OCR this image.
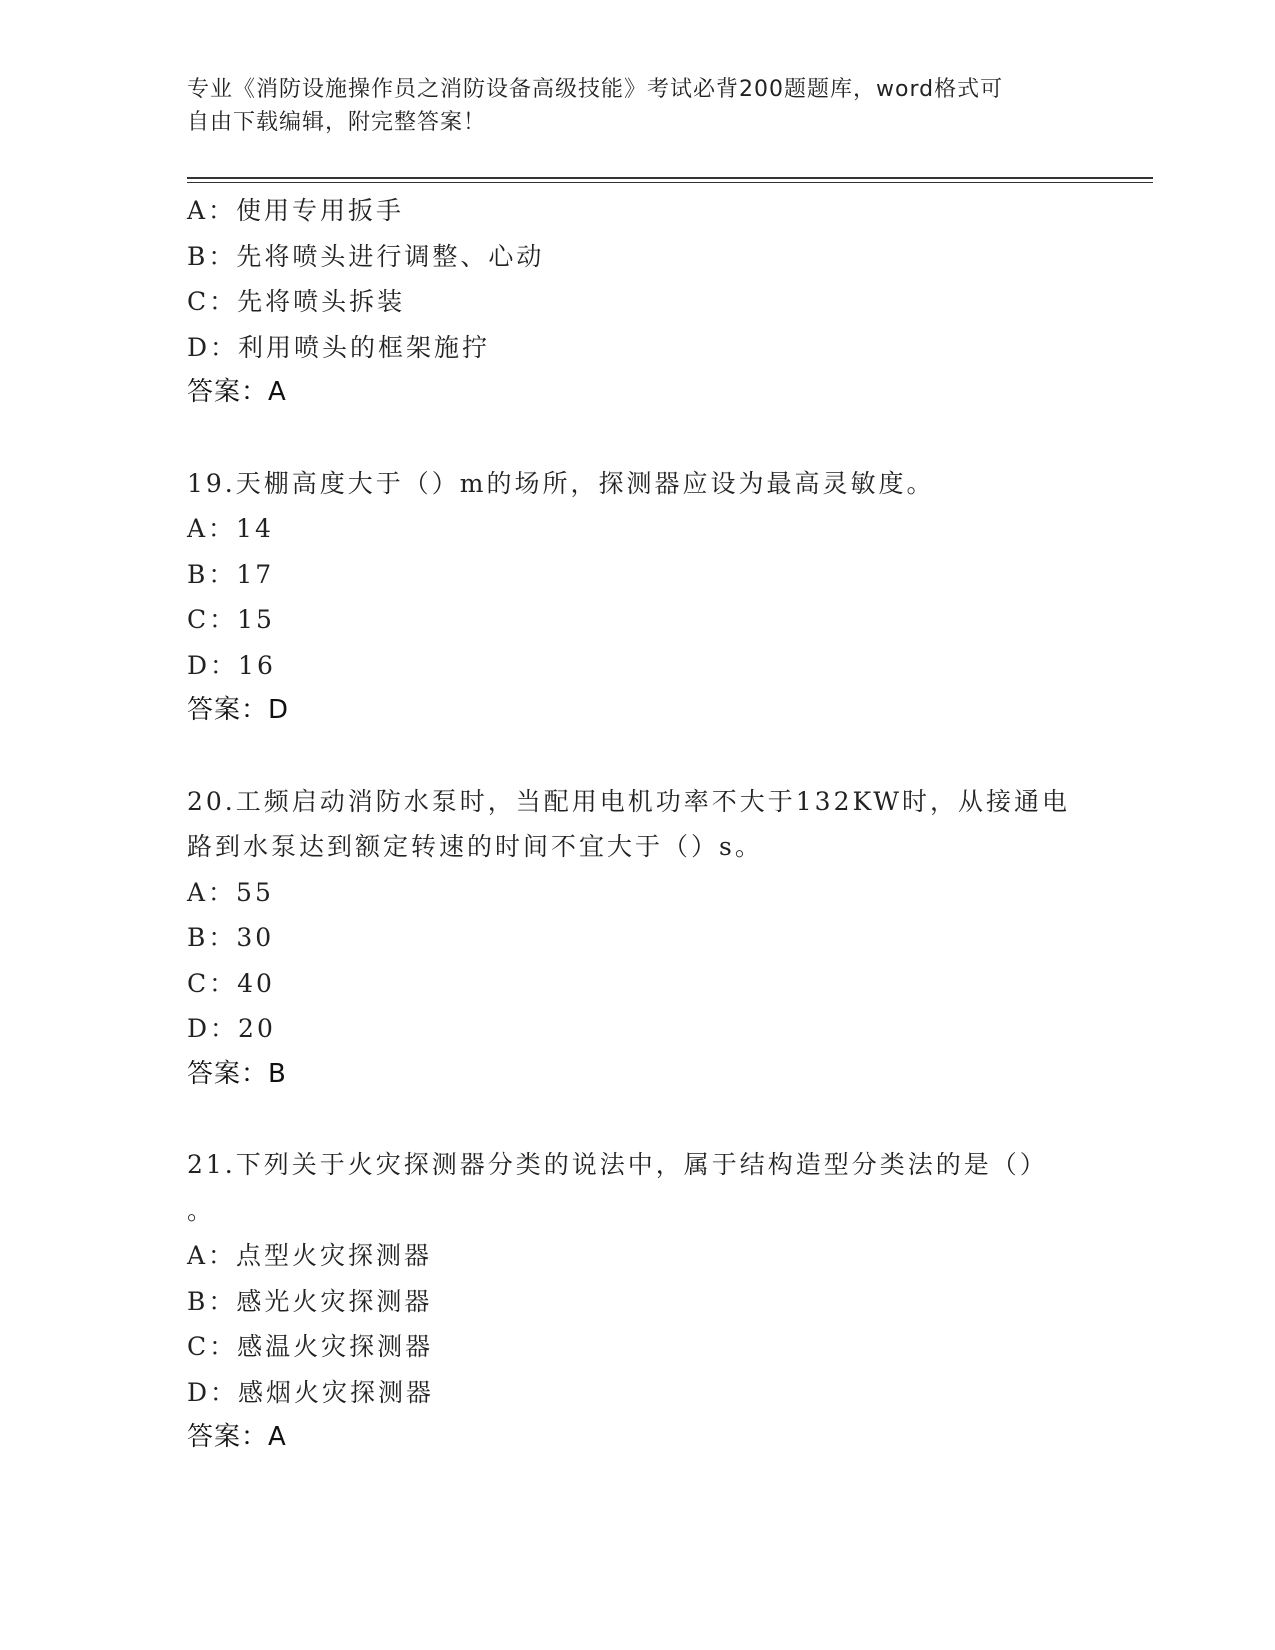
专业《消防设施操作员之消防设备高级技能》考试必背200题题库，word格式可
自由下载编辑，附完整答案！
A：使用专用扳手
B：先将喷头进行调整、心动
C：先将喷头拆装
D：利用喷头的框架施拧
答案：A
19.天棚高度大于（）m的场所，探测器应设为最高灵敏度。
A：14
B：17
C：15
D：16
答案：D
20.工频启动消防水泵时，当配用电机功率不大于132KW时，从接通电
路到水泵达到额定转速的时间不宜大于（）s。
A：55
B：30
C：40
D：20
答案：B
21.下列关于火灾探测器分类的说法中，属于结构造型分类法的是（）
。
A：点型火灾探测器
B：感光火灾探测器
C：感温火灾探测器
D：感烟火灾探测器
答案：A
